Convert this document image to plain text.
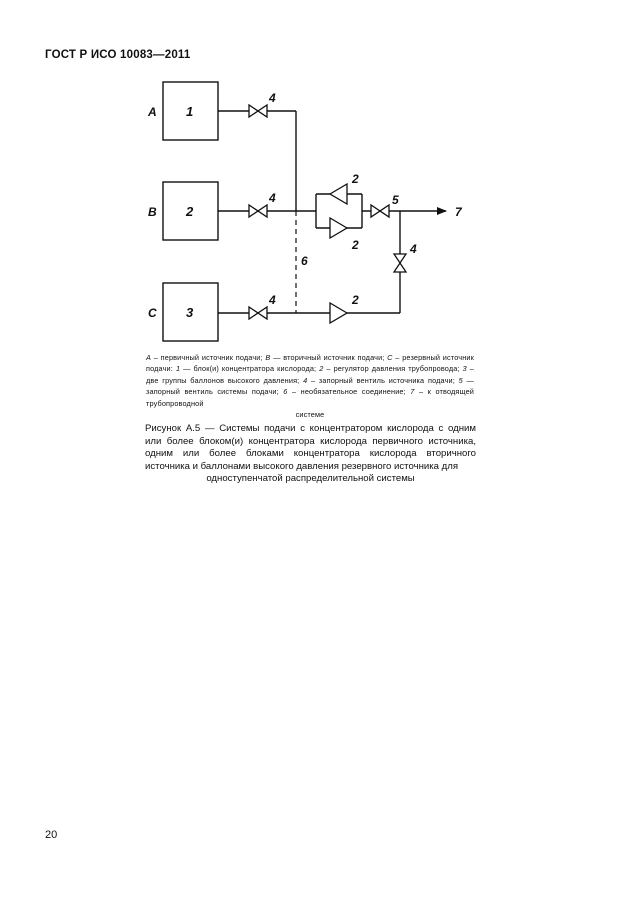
ГОСТ Р ИСО 10083—2011
A
B
C
1
2
3
4
4
4
4
5
2
2
2
6
7
A – первичный источник подачи; B — вторичный источник подачи; C – резервный источник подачи: 1 — блок(и) концентратора кислорода; 2 – регулятор давления трубопровода; 3 – две группы баллонов высокого давления; 4 – запорный вентиль источника подачи; 5 — запорный вентиль системы подачи; 6 – необязательное соединение; 7 – к отводящей трубопроводной
системе
Рисунок А.5 — Системы подачи с концентратором кислорода с одним или более блоком(и) концентратора кислорода первичного источника, одним или более блоками концентратора кислорода вторичного источника и баллонами высокого давления резервного источника для
одноступенчатой распределительной системы
20
